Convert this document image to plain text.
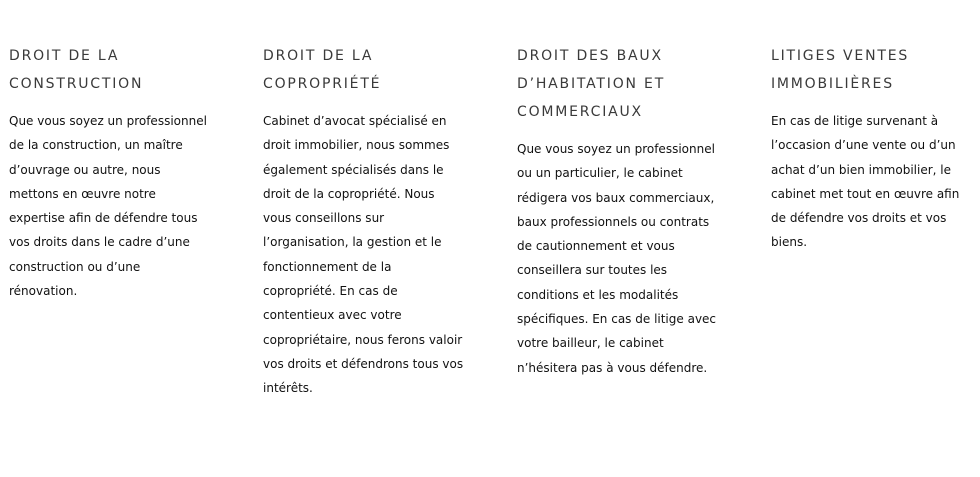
DROIT DE LA
CONSTRUCTION

Que vous soyez un professionnel
de la construction, un maître
d’ouvrage ou autre, nous
mettons en œuvre notre
expertise afin de défendre tous
vos droits dans le cadre d’une
construction ou d’une
rénovation.

DROIT DE LA
COPROPRIÉTÉ

Cabinet d’avocat spécialisé en
droit immobilier, nous sommes
également spécialisés dans le
droit de la copropriété. Nous
vous conseillons sur
l’organisation, la gestion et le
fonctionnement de la
copropriété. En cas de
contentieux avec votre
copropriétaire, nous ferons valoir
vos droits et défendrons tous vos
intérêts.

DROIT DES BAUX
D’HABITATION ET
COMMERCIAUX

Que vous soyez un professionnel
ou un particulier, le cabinet
rédigera vos baux commerciaux,
baux professionnels ou contrats
de cautionnement et vous
conseillera sur toutes les
conditions et les modalités
spécifiques. En cas de litige avec
votre bailleur, le cabinet
n’hésitera pas à vous défendre.

LITIGES VENTES
IMMOBILIÈRES

En cas de litige survenant à
l’occasion d’une vente ou d’un
achat d’un bien immobilier, le
cabinet met tout en œuvre afin
de défendre vos droits et vos
biens.
